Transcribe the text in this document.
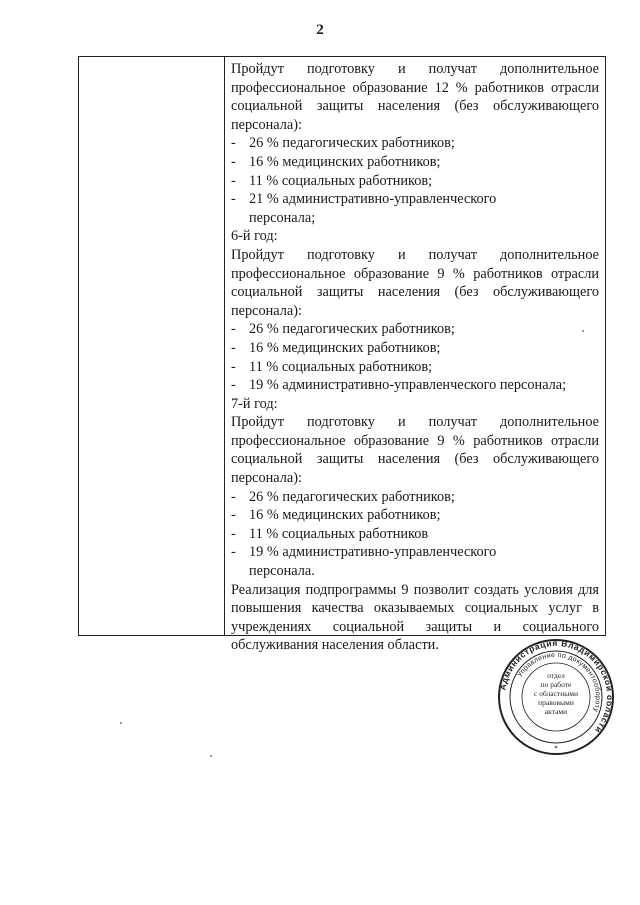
2

Пройдут подготовку и получат дополнительное профессиональное образование 12 % работников отрасли социальной защиты населения (без обслуживающего персонала):

- 26 % педагогических работников;
- 16 % медицинских работников;
- 11 % социальных работников;
- 21 % административно-управленческого персонала;

6-й год:

Пройдут подготовку и получат дополнительное профессиональное образование 9 % работников отрасли социальной защиты населения (без обслуживающего персонала):

- 26 % педагогических работников;
- 16 % медицинских работников;
- 11 % социальных работников;
- 19 % административно-управленческого персонала;

7-й год:

Пройдут подготовку и получат дополнительное профессиональное образование 9 % работников отрасли социальной защиты населения (без обслуживающего персонала):

- 26 % педагогических работников;
- 16 % медицинских работников;
- 11 % социальных работников
- 19 % административно-управленческого персонала.

Реализация подпрограммы 9 позволит создать условия для повышения качества оказываемых социальных услуг в учреждениях социальной защиты и социального обслуживания населения области.

Администрация Владимирской области
Управление по документообороту
*
отдел
по работе
с областными
правовыми
актами
